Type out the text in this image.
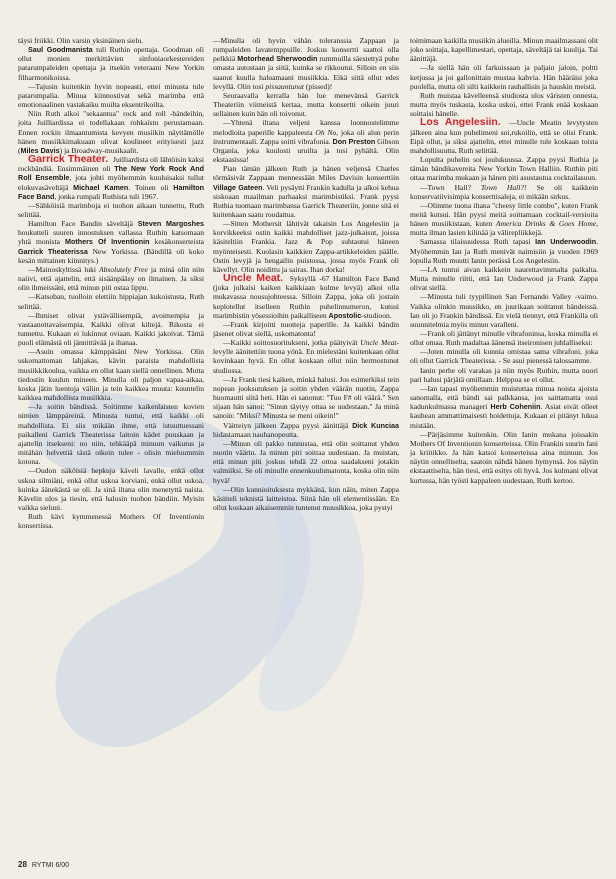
täysi friikki. Olin varsin yksinäinen sielu.

Saul Goodmanista tuli Ruthin opettaja. Goodman oli ollut monien merkittävien sinfoniaorkestereiden patarumpaleiden opettaja ja itsekin veteraani New Yorkin filharmonikoissa.

—Tajusin kuitenkin hyvin nopeasti, ettei minusta tule patarumpalia. Minua kiinnostivat sekä marimba että emotionaalinen vastakaiku muilta eksentrikoilta.

Niin Ruth alkoi "sekaantua" rock and roll -bändeihin, joita Juilliardissa ei todellakaan rohkaistu perustamaan. Ennen rockin ilmaantumista kevyen musiikin näyttämölle hänen musiikkimakuaan olivat koulineet erityisesti jazz (Miles Davis) ja Broadway-musikaalit.

Garrick Theater. Juilliardista oli lähtöisin kaksi rockbändiä. Ensimmäinen oli The New York Rock And Roll Ensemble, jota johti myöhemmin kuuluisaksi tullut elokuvasäveltäjä Michael Kamen. Toinen oli Hamilton Face Band, jonka rumpali Ruthista tuli 1967.

—Sähköisiä marimboja ei tuohon aikaan tunnettu, Ruth selittää.

Hamilton Face Bandin säveltäjä Steven Margoshes houkutteli suuren innostuksen vallassa Ruthin katsomaan yhtä monista Mothers Of Inventionin kesäkonserteista Garrick Theaterissa New Yorkissa. (Bändillä oli koko kesän mittainen kiinnitys.)

—Mainoskyltissä luki Absolutely Free ja minä olin niin naiivi, että ajattelin, että sisäänpääsy on ilmainen. Ja siksi olin ihmeissäni, että minun piti ostaa lippu.

—Katsoban, tuolloin elettiin hippiajan kukoistusta, Ruth selittää.

—Ihmiset olivat ystävällisempiä, avoimempia ja vastaanottavaisempia. Kaikki olivat kiltejä. Rikosta ei tunnettu. Kukaan ei lukinnut oviaan. Kaikki jakoivat. Tämä puoli elämästä oli jännittävää ja ihanaa.

—Asuin omassa kämppäsäni New Yorkissa. Olin uskomattoman lahjakas, kävin paraista mahdollista musiikkikoulua, vaikka en ollut kaan siellä onnellinen. Mutta tiedostin kuulun mineen. Minulla oli paljon vapaa-aikaa, koska jätin luentoja väliin ja tein kaikkea muuta: kuuntelin kaikkea mahdollista musiikkia.

—Ja soitin bändissä. Soitimme kaikenlaisten kovien nimien lämppäreinä. Minusta tuntui, että kaikki oli mahdollista. Ei siis mikään ihme, että istuuttuessani paikalleni Garrick Theaterissa laitoin kädet puuskaan ja ajattelin itsekseni: no niin, tehkääpä minuun vaikutus ja mitähän helvettiä tästä oikein tulee - olisin mieluummin kotona.

—Oudon näköisiä hepkuja käveli lavalle, enkä ollut uskoa silmiäni, enkä ollut uskoa korviani, enkä ollut uskoa, kuinka äänekästä se oli. Ja sinä iltana olin menetyttä naista. Kävelin ulos ja tiesin, että halusin tuohon bändiin. Myisin vaikka sieluni.

Ruth kävi kymmenessä Mothers Of Inventionin konsertissa.

—Minulla oli hyvin vähän toleranssia Zappaan ja rumpaleiden lavatemppuille. Joskus konsertti saattoi olla pelkkiä Motorhead Sherwoodin rummuilla säestettyä puhe omasta autostaan ja siitä, kuinka se rikkoutui. Silloin en siis saanut kuulla haluamaani musiikkia. Eikä siitä ollut edes levyllä. Olin tosi pissauntunut (pissed)!

Seuraavalla kerralla hän lue menevänsä Garrick Theateriin viimeistä kertaa, mutta konsertti oikein juuri sellainen kuin hän oli toivonut.

—Yhtenä iltana veljeni kanssa luonnostelimme melodioita paperille kappaleesta Oh No, joka oli alun perin instrumentaali. Zappa soitti vibrafonia. Don Preston Gibson Organia, joka kuulosti uruilta ja tosi pyhältä. Olin ekstaasissa!

Pian tämän jälkeen Ruth ja hänen veljensä Charles törmäsivät Zappaan mennessään Miles Davisin konserttiin Village Gateen. Veli pysäytti Frankin kadulla ja alkoi kehua siskoaan maailman parhaaksi marimbistiksi. Frank pyysi Ruthia tuomaan marimbansa Garrick Theateriin, jonne sitä ei kuitenkaan saatu roudattua.

—Sitten Mothersit lähtivät takaisin Los Angelesiin ja korvikkeeksi ostin kaikki mahdolliset jazz-julkaisut, joissa käsiteltiin Frankia. Jazz & Pop suhtautui häneen myönteisesti. Kuolasin kaikkien Zappa-artikkeleiden päälle. Ostin levyjä ja hengailin puistossa, jossa myös Frank oli kävellyt. Olin noidittu ja sairas. Ihan dorka!

Uncle Meat. Syksyllä -67 Hamilton Face Band (joka julkaisi kaiken kaikkiaan kolme levyä) alkoi olla mukavassa nousujohteessa. Silloin Zappa, joka oli jostain keplotellut itselleen Ruthin puhelinnumeron, kutsui marimbistin yösessioihin paikalliseen Apostolic-studioon.

—Frank kirjoitti nuotteja paperille. Ja kaikki bändin jäsenet olivat siellä, uskomatonta!

—Kaikki soittosuoritukseni, jotka päätyivät Uncle Meat-levylle äänitettiin tuona yönä. En mielestäni kuitenkaan ollut kovinkaan hyvä. En ollut koskaan ollut niin hermostunut studiossa.

—Ja Frank tiesi kaiken, minkä halusi. Jos esimerkiksi tein nopean juoksutuksen ja soitin yhden väärän nuotin, Zappa huomautti siitä heti. Hän ei sanonut: "Tuo F# oli väärä." Sen sijaan hän sanoi: "Sinun täytyy ottaa se uudestaan." Ja minä sanoin: "Miksi? Minusta se meni oikein!"

Väitteiyn jälkeen Zappa pyysi äänittäjä Dick Kunciaa hidastamaan nauhanopeutta.

—Minun oli pakko tunnustaa, että olin soittanut yhden nuotin väärin. Ja minun piti soittaa uudestaan. Ja muistan, että minun piti joskus tehdä 22 ottoa saadakseni jotakin valmiiksi. Se oli minulle ennenkuulumatonta, koska olin niin hyvä!

—Olin kunnioituksesta mykkänä, kun näin, miten Zappa käsitteli teknistä laitteistoa. Siinä hän oli elementissään. En ollut koskaan aikaisemmin tuntenut muusikkoa, joka pystyi

toimimaan kaikilla musiikin alueilla. Minun maailmassani olit joko soittaja, kapellimestari, opettaja, säveltäjä tai kuulija. Tai äänittäjä.

—Ja siellä hän oli farkuissaan ja paljain jaloin, poltti ketjussa ja joi gallonittain mustaa kahvia. Hän hääräisi joka puolella, mutta oli silti kaikkein rauhallisin ja hauskin meistä.

Ruth muistaa kävelleensä studiosta ulos väristen onnesta, mutta myös tuskasta, koska uskoi, ettei Frank enää koskaan soittaisi hänelle.

Los Angelesiin. —Uncle Meatin levytysten jälkeen aina kun puhelimeni soi,rukoilin, että se olisi Frank. Eipä ollut, ja siksi ajattelin, ettei minulle tule koskaan toista mahdollisuutta, Ruth selittää.

Lopulta puhelin soi joulukuussa. Zappa pyysi Ruthia ja tämän bändikavereita New Yorkin Town Halliin. Ruthin piti ottaa marimba mukaan ja hänen piti asustautua cocktailasuun.

—Town Hall? Town Hall?! Se oli kaikkein konservatiivisimpia konserttisaleja, ei mikään sirkus.

—Olimme tuona iltana "cheesy little combo", kuten Frank meitä kutsui. Hän pyysi meitä soittamaan cocktail-versioita hänen musiikistaan, kuten America Drinks & Goes Home, mutta ilman lasien kilinää ja välirepliikkejä.

Samassa tilaisuudessa Ruth tapasi Ian Underwoodin. Myöhemmin Ian ja Ruth menivät naimisiin ja vuoden 1969 lopulla Ruth muutti Ianin perässä Los Angelesiin.

—LA tuntui aivan kaikkein naurettavimmalta paikalta. Mutta minulle riitti, että Ian Underwood ja Frank Zappa olivat siellä.

—Minusta tuli tyypillinen San Fernando Valley -vaimo. Vaikka olinkin muusikko, en juurikaan soittanut bändeissä. Ian oli jo Frankin bändissä. En vielä tiennyt, että Frankilla oli suunnitelmia myös minun varalleni.

—Frank oli jättänyt minulle vibrafoninsa, koska minulla ei ollut omaa. Ruth madaltaa äänensä itseironisen juhlalliseksi:

—Joten minulla oli kunnia omistaa sama vibrafoni, joka oli ollut Garrick Theaterissa. - Se asui pienessä talossamme.

Ianin perhe oli varakas ja niin myös Ruthin, mutta nuori pari halusi pärjätä omillaan. Helppoa se ei ollut.

—Ian tapasi myöhemmin muistuttaa minua noista ajoista sanomalla, että bändi sai palkkansa, jos saittamatta osui kadunkulmassa manageri Herb Coheniin. Asiat eivät olleet kauhean ammattimaisesti hoidettuja. Kukaan ei pitänyt lukua mistään.

—Pärjäsimme kuitenkin. Olin Ianin mukana joissakin Mothers Of Inventionin konserteissa. Olin Frankin suurin fani ja kriitikko. Ja hän katsoi konserteissa aina minuun. Jos näytin onnelliselta, saatoin nähdä hänen hymynsä. Jos näytin ekstaattiselta, hän tiesi, että esitys oli hyvä. Jos kulmani olivat kurtussa, hän työsti kappaleen uudestaan, Ruth kertoo.

28 RYTMI 6/00
